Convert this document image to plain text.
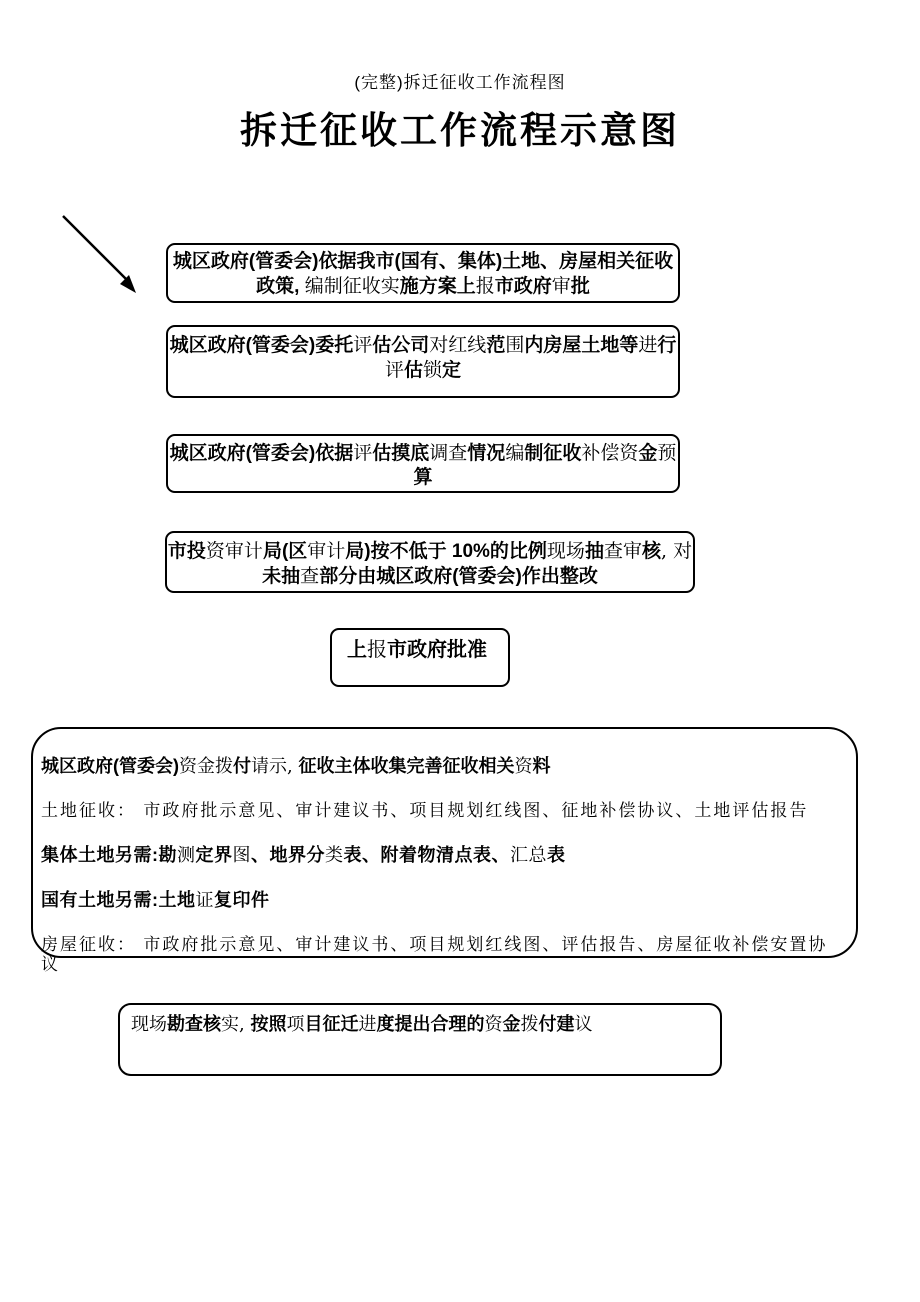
(完整)拆迁征收工作流程图
拆迁征收工作流程示意图
城区政府(管委会)依据我市(国有、集体)土地、房屋相关征收政策, 编制征收实施方案上报市政府审批
城区政府(管委会)委托评估公司对红线范围内房屋土地等进行评估锁定
城区政府(管委会)依据评估摸底调查情况编制征收补偿资金预算
市投资审计局(区审计局)按不低于 10%的比例现场抽查审核, 对未抽查部分由城区政府(管委会)作出整改
上报市政府批准

城区政府(管委会)资金拨付请示, 征收主体收集完善征收相关资料

土地征收： 市政府批示意见、审计建议书、项目规划红线图、征地补偿协议、土地评估报告

集体土地另需:勘测定界图、地界分类表、附着物清点表、汇总表

国有土地另需:土地证复印件

房屋征收： 市政府批示意见、审计建议书、项目规划红线图、评估报告、房屋征收补偿安置协议

现场勘查核实, 按照项目征迁进度提出合理的资金拨付建议
